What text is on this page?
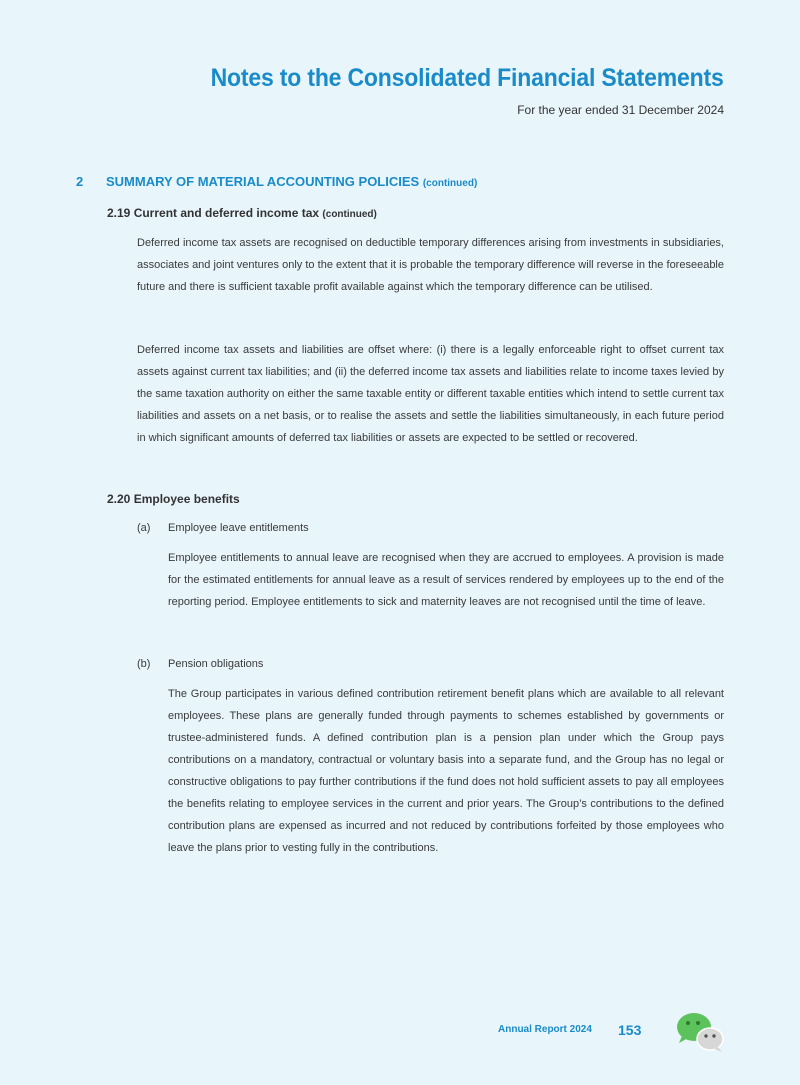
Notes to the Consolidated Financial Statements
For the year ended 31 December 2024
2 SUMMARY OF MATERIAL ACCOUNTING POLICIES (continued)
2.19 Current and deferred income tax (continued)

Deferred income tax assets are recognised on deductible temporary differences arising from investments in subsidiaries, associates and joint ventures only to the extent that it is probable the temporary difference will reverse in the foreseeable future and there is sufficient taxable profit available against which the temporary difference can be utilised.

Deferred income tax assets and liabilities are offset where: (i) there is a legally enforceable right to offset current tax assets against current tax liabilities; and (ii) the deferred income tax assets and liabilities relate to income taxes levied by the same taxation authority on either the same taxable entity or different taxable entities which intend to settle current tax liabilities and assets on a net basis, or to realise the assets and settle the liabilities simultaneously, in each future period in which significant amounts of deferred tax liabilities or assets are expected to be settled or recovered.

2.20 Employee benefits
(a) Employee leave entitlements

Employee entitlements to annual leave are recognised when they are accrued to employees. A provision is made for the estimated entitlements for annual leave as a result of services rendered by employees up to the end of the reporting period. Employee entitlements to sick and maternity leaves are not recognised until the time of leave.

(b) Pension obligations

The Group participates in various defined contribution retirement benefit plans which are available to all relevant employees. These plans are generally funded through payments to schemes established by governments or trustee-administered funds. A defined contribution plan is a pension plan under which the Group pays contributions on a mandatory, contractual or voluntary basis into a separate fund, and the Group has no legal or constructive obligations to pay further contributions if the fund does not hold sufficient assets to pay all employees the benefits relating to employee services in the current and prior years. The Group’s contributions to the defined contribution plans are expensed as incurred and not reduced by contributions forfeited by those employees who leave the plans prior to vesting fully in the contributions.

Annual Report 2024 153
